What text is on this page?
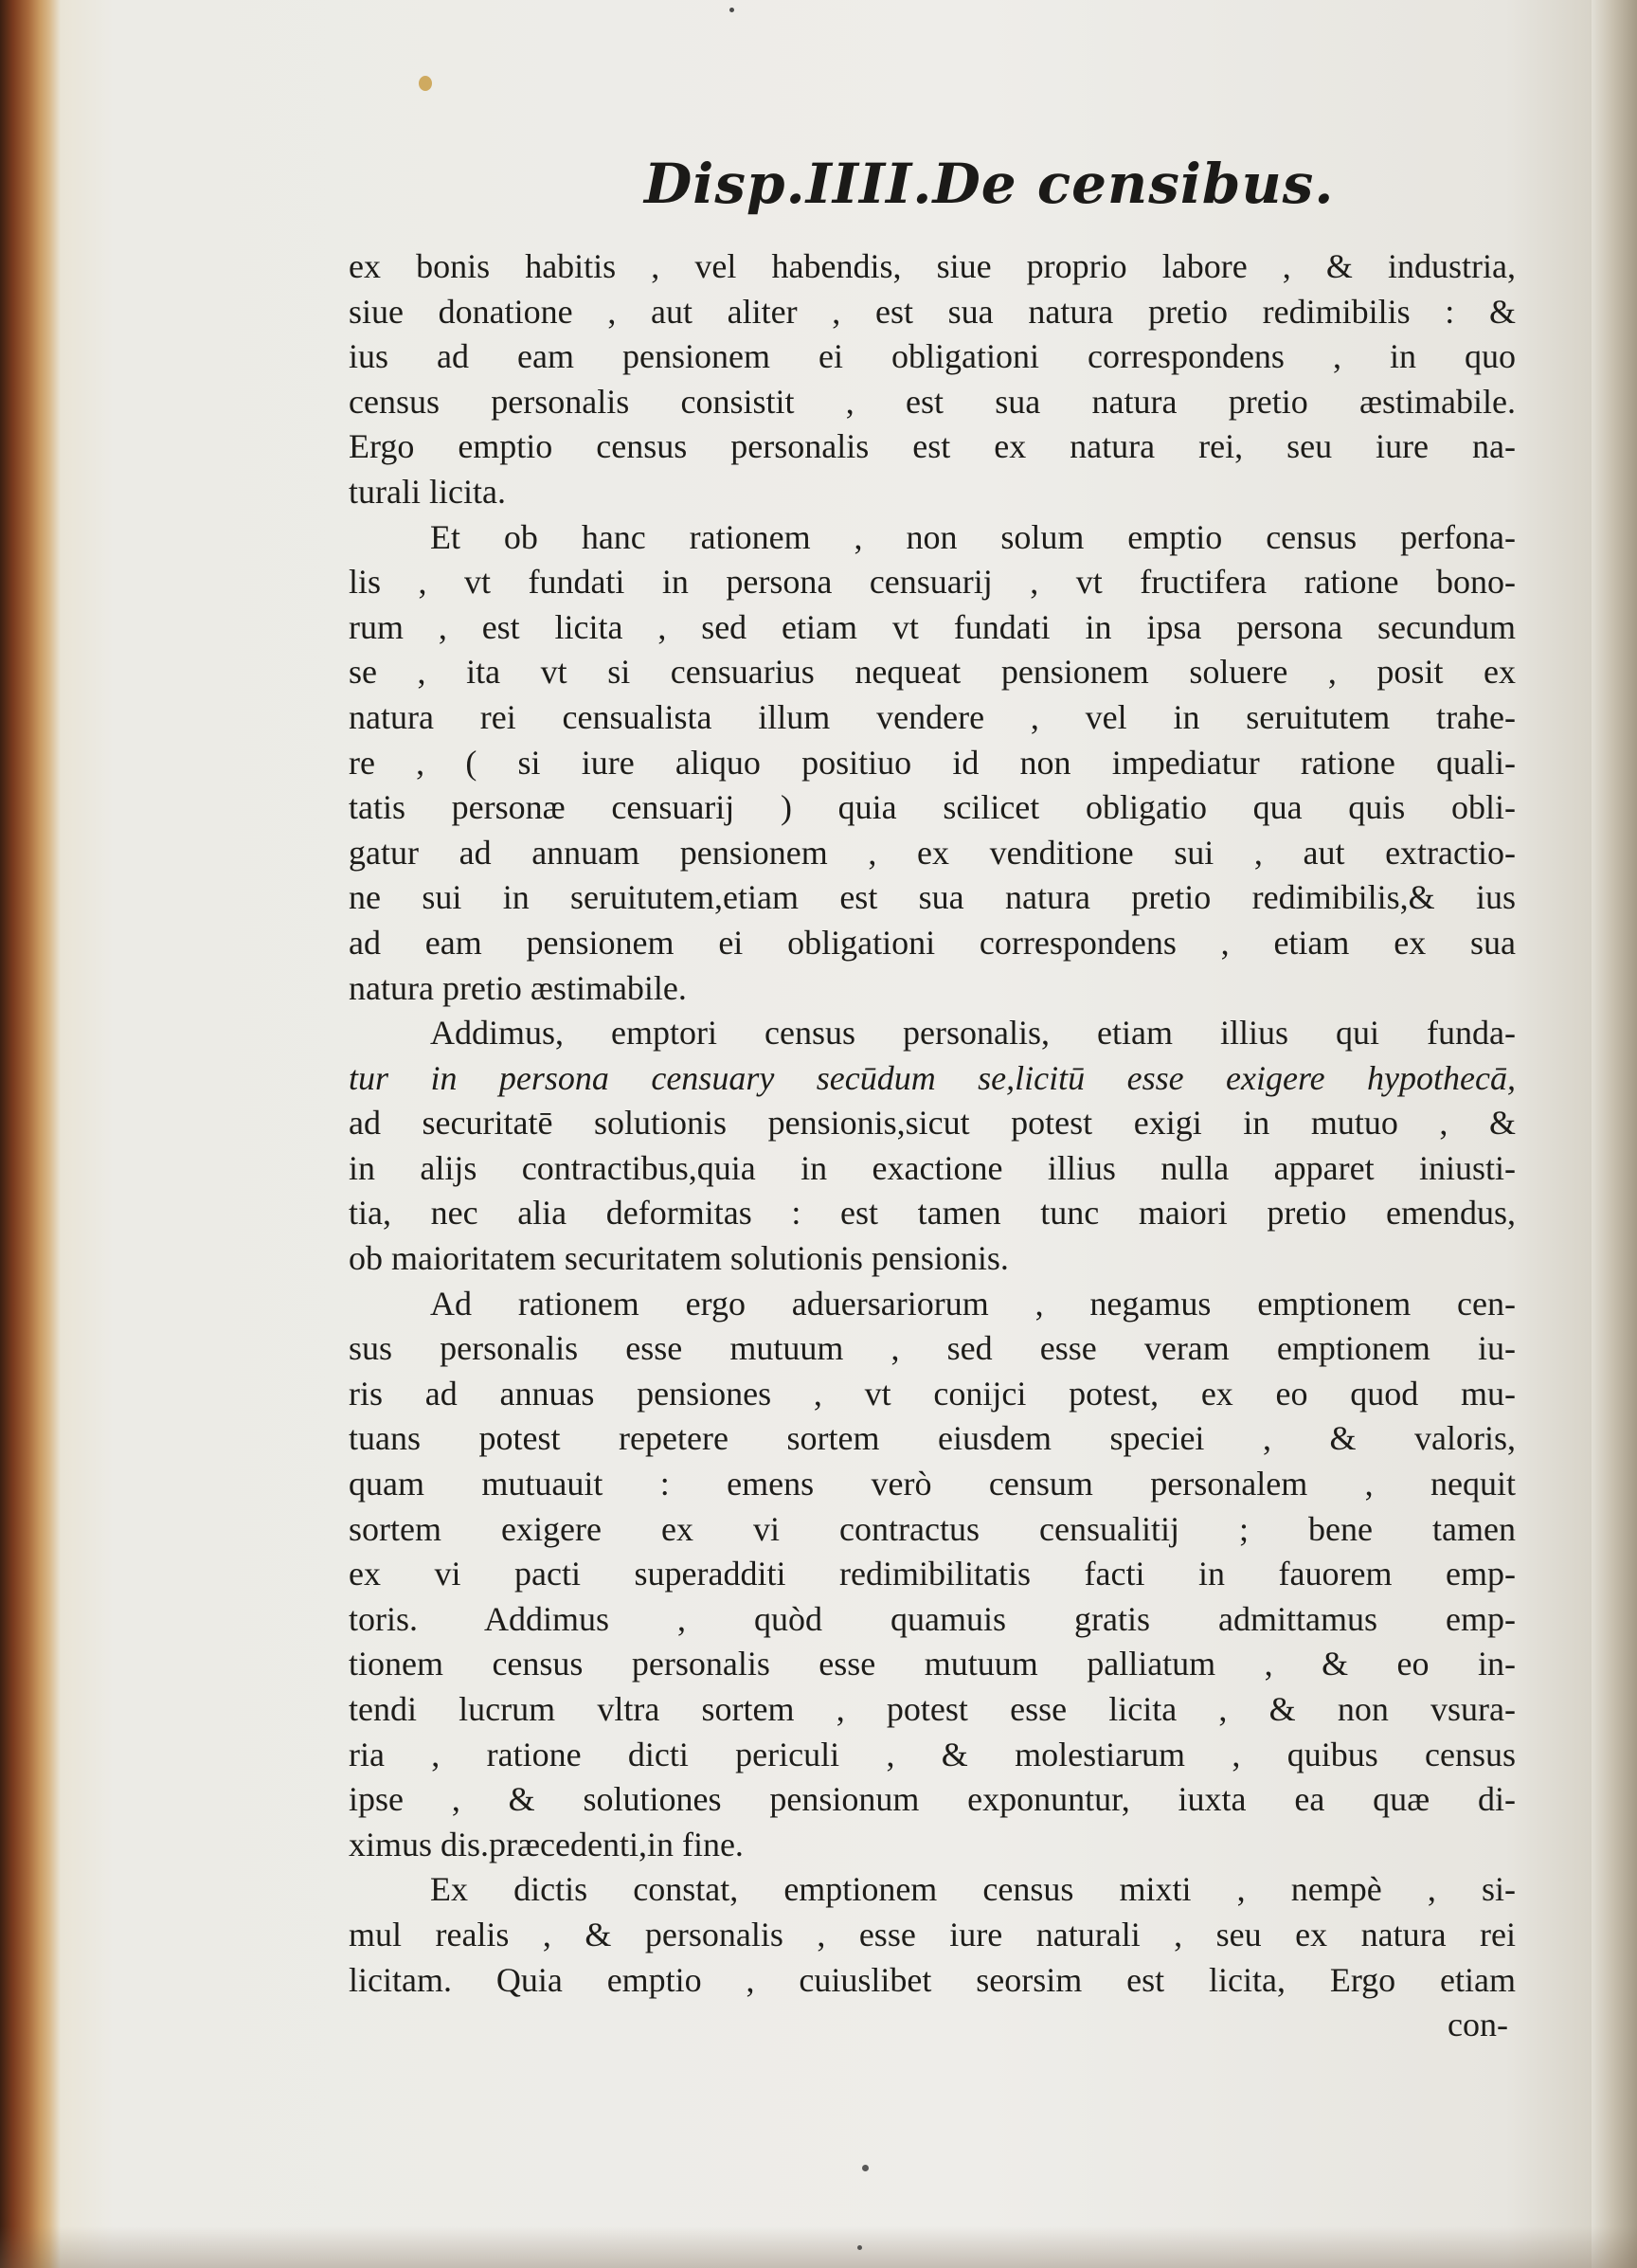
Disp.IIII.De censibus.
ex bonis habitis , vel habendis, siue proprio labore , & industria,
siue donatione , aut aliter , est sua natura pretio redimibilis : &
ius ad eam pensionem ei obligationi correspondens , in quo
census personalis consistit , est sua natura pretio æstimabile.
Ergo emptio census personalis est ex natura rei, seu iure na-
turali licita.
Et ob hanc rationem , non solum emptio census perfona-
lis , vt fundati in persona censuarij , vt fructifera ratione bono-
rum , est licita , sed etiam vt fundati in ipsa persona secundum
se , ita vt si censuarius nequeat pensionem soluere , posit ex
natura rei censualista illum vendere , vel in seruitutem trahe-
re , ( si iure aliquo positiuo id non impediatur ratione quali-
tatis personæ censuarij ) quia scilicet obligatio qua quis obli-
gatur ad annuam pensionem , ex venditione sui , aut extractio-
ne sui in seruitutem,etiam est sua natura pretio redimibilis,& ius
ad eam pensionem ei obligationi correspondens , etiam ex sua
natura pretio æstimabile.
Addimus, emptori census personalis, etiam illius qui funda-
tur in persona censuary secūdum se,licitū esse exigere hypothecā,
ad securitatē solutionis pensionis,sicut potest exigi in mutuo , &
in alijs contractibus,quia in exactione illius nulla apparet iniusti-
tia, nec alia deformitas : est tamen tunc maiori pretio emendus,
ob maioritatem securitatem solutionis pensionis.
Ad rationem ergo aduersariorum , negamus emptionem cen-
sus personalis esse mutuum , sed esse veram emptionem iu-
ris ad annuas pensiones , vt conijci potest, ex eo quod mu-
tuans potest repetere sortem eiusdem speciei , & valoris,
quam mutuauit : emens verò censum personalem , nequit
sortem exigere ex vi contractus censualitij ; bene tamen
ex vi pacti superadditi redimibilitatis facti in fauorem emp-
toris. Addimus , quòd quamuis gratis admittamus emp-
tionem census personalis esse mutuum palliatum , & eo in-
tendi lucrum vltra sortem , potest esse licita , & non vsura-
ria , ratione dicti periculi , & molestiarum , quibus census
ipse , & solutiones pensionum exponuntur, iuxta ea quæ di-
ximus dis.præcedenti,in fine.
Ex dictis constat, emptionem census mixti , nempè , si-
mul realis , & personalis , esse iure naturali , seu ex natura rei
licitam. Quia emptio , cuiuslibet seorsim est licita, Ergo etiam
con-
